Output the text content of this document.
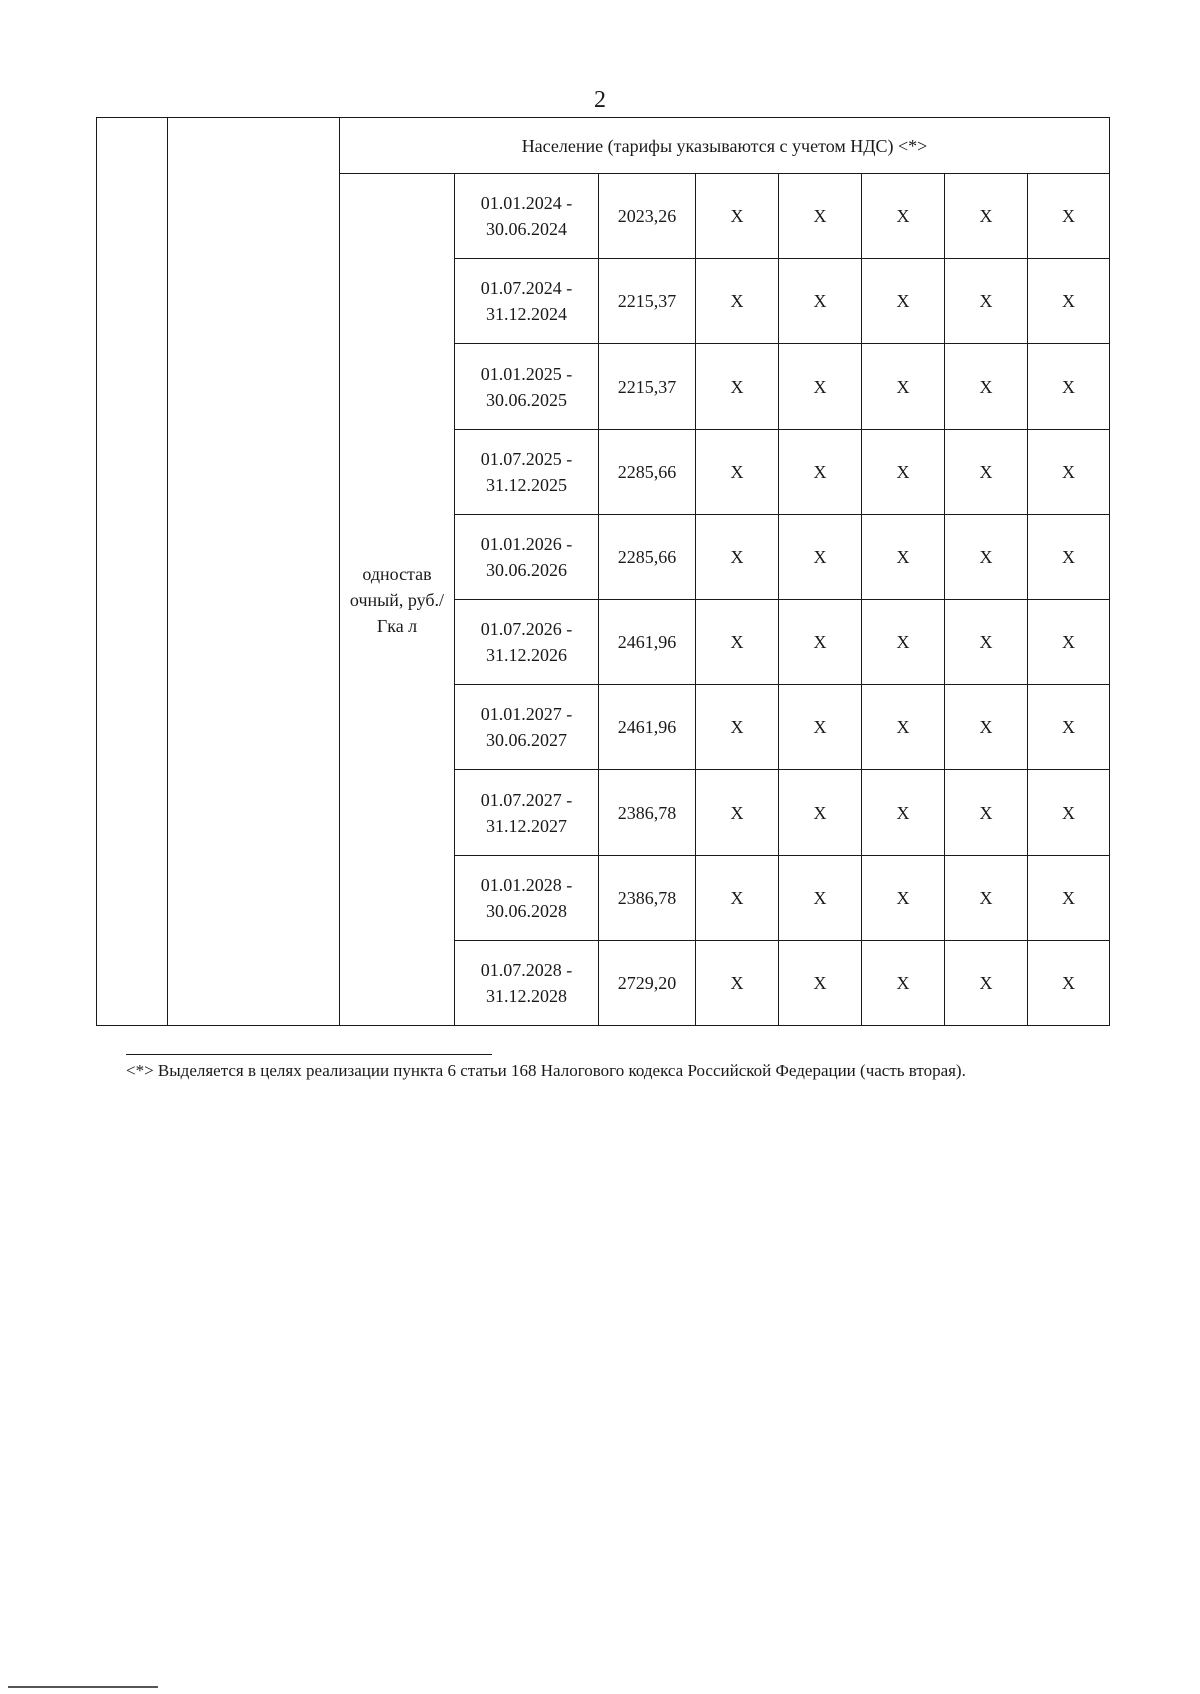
2
		Население (тарифы указываются с учетом НДС) <*>							
		одностав очный, руб./Гка л	01.01.2024 - 30.06.2024	2023,26	X	X	X	X	X
			01.07.2024 - 31.12.2024	2215,37	X	X	X	X	X
			01.01.2025 - 30.06.2025	2215,37	X	X	X	X	X
			01.07.2025 - 31.12.2025	2285,66	X	X	X	X	X
			01.01.2026 - 30.06.2026	2285,66	X	X	X	X	X
			01.07.2026 - 31.12.2026	2461,96	X	X	X	X	X
			01.01.2027 - 30.06.2027	2461,96	X	X	X	X	X
			01.07.2027 - 31.12.2027	2386,78	X	X	X	X	X
			01.01.2028 - 30.06.2028	2386,78	X	X	X	X	X
			01.07.2028 - 31.12.2028	2729,20	X	X	X	X	X
<*> Выделяется в целях реализации пункта 6 статьи 168 Налогового кодекса Российской Федерации (часть вторая).
